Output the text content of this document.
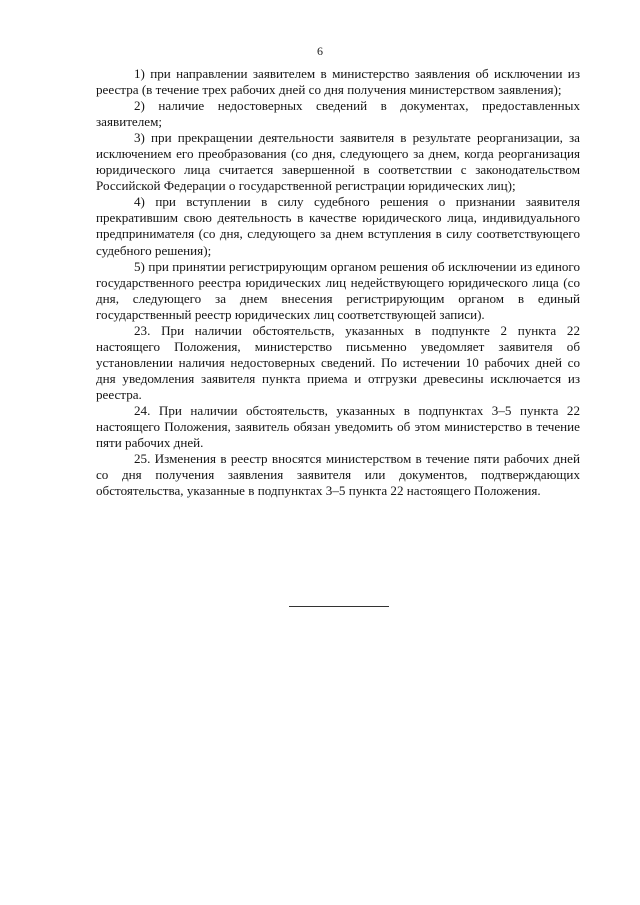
6

1) при направлении заявителем в министерство заявления об исключении из реестра (в течение трех рабочих дней со дня получения министерством заявления);

2) наличие недостоверных сведений в документах, предоставленных заявителем;

3) при прекращении деятельности заявителя в результате реорганизации, за исключением его преобразования (со дня, следующего за днем, когда реорганизация юридического лица считается завершенной в соответствии с законодательством Российской Федерации о государственной регистрации юридических лиц);

4) при вступлении в силу судебного решения о признании заявителя прекратившим свою деятельность в качестве юридического лица, индивидуального предпринимателя (со дня, следующего за днем вступления в силу соответствующего судебного решения);

5) при принятии регистрирующим органом решения об исключении из единого государственного реестра юридических лиц недействующего юридического лица (со дня, следующего за днем внесения регистрирующим органом в единый государственный реестр юридических лиц соответствующей записи).

23. При наличии обстоятельств, указанных в подпункте 2 пункта 22 настоящего Положения, министерство письменно уведомляет заявителя об установлении наличия недостоверных сведений. По истечении 10 рабочих дней со дня уведомления заявителя пункта приема и отгрузки древесины исключается из реестра.

24. При наличии обстоятельств, указанных в подпунктах 3–5 пункта 22 настоящего Положения, заявитель обязан уведомить об этом министерство в течение пяти рабочих дней.

25. Изменения в реестр вносятся министерством в течение пяти рабочих дней со дня получения заявления заявителя или документов, подтверждающих обстоятельства, указанные в подпунктах 3–5 пункта 22 настоящего Положения.
